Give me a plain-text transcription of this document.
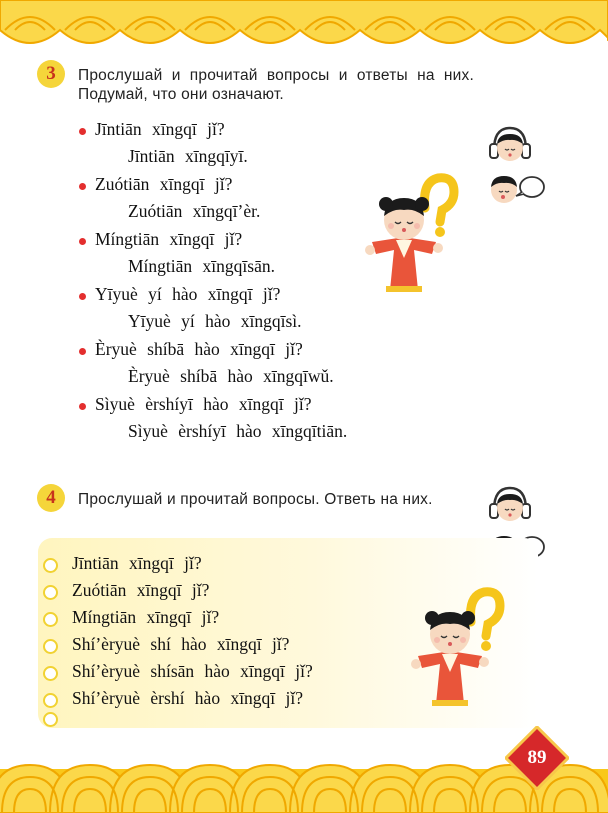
3	Прослушай и прочитай вопросы и ответы на них. Подумай, что они означают.
Jīntiān xīngqī jǐ?
Jīntiān xīngqīyī.
Zuótiān xīngqī jǐ?
Zuótiān xīngqī’èr.
Míngtiān xīngqī jǐ?
Míngtiān xīngqīsān.
Yīyuè yí hào xīngqī jǐ?
Yīyuè yí hào xīngqīsì.
Èryuè shíbā hào xīngqī jǐ?
Èryuè shíbā hào xīngqīwǔ.
Sìyuè èrshíyī hào xīngqī jǐ?
Sìyuè èrshíyī hào xīngqītiān.
4	Прослушай и прочитай вопросы. Ответь на них.
Jīntiān xīngqī jǐ?
Zuótiān xīngqī jǐ?
Míngtiān xīngqī jǐ?
Shí’èryuè shí hào xīngqī jǐ?
Shí’èryuè shísān hào xīngqī jǐ?
Shí’èryuè èrshí hào xīngqī jǐ?
89
